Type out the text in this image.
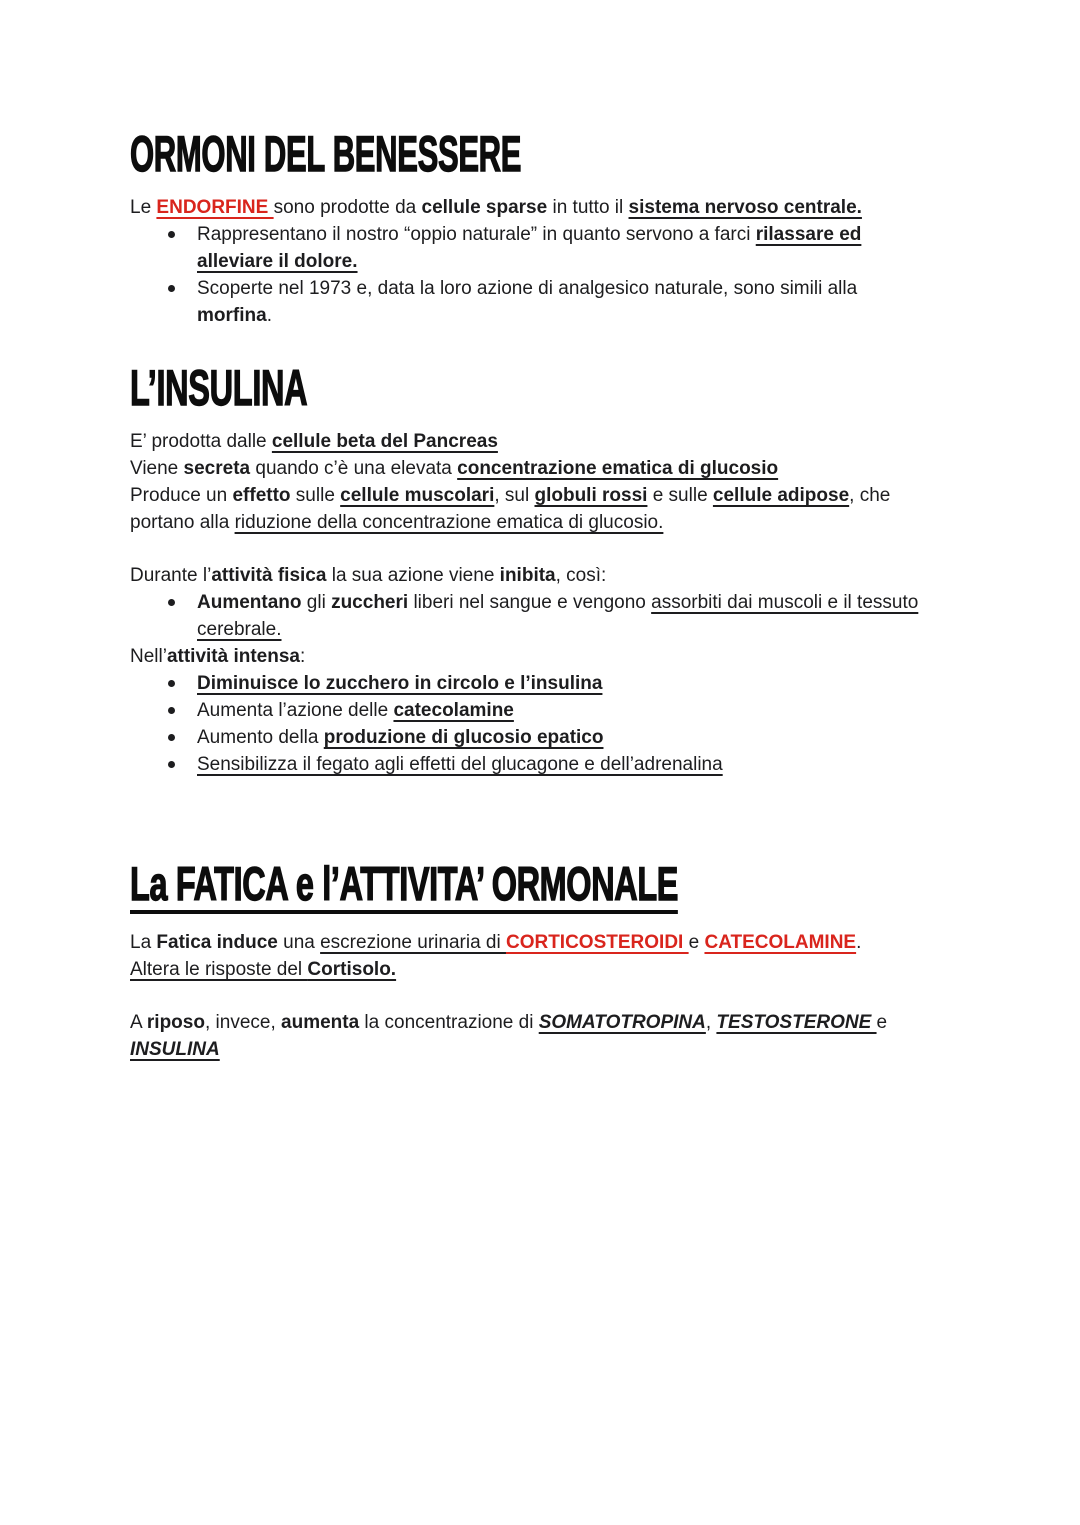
ORMONI DEL BENESSERE
Le ENDORFINE sono prodotte da cellule sparse in tutto il sistema nervoso centrale.
Rappresentano il nostro “oppio naturale” in quanto servono a farci rilassare ed
alleviare il dolore.
Scoperte nel 1973 e, data la loro azione di analgesico naturale, sono simili alla
morfina.
L’INSULINA
E’ prodotta dalle cellule beta del Pancreas
Viene secreta quando c’è una elevata concentrazione ematica di glucosio
Produce un effetto sulle cellule muscolari, sul globuli rossi e sulle cellule adipose, che
portano alla riduzione della concentrazione ematica di glucosio.
Durante l’attività fisica la sua azione viene inibita, così:
Aumentano gli zuccheri liberi nel sangue e vengono assorbiti dai muscoli e il tessuto
cerebrale.
Nell’attività intensa:
Diminuisce lo zucchero in circolo e l’insulina
Aumenta l’azione delle catecolamine
Aumento della produzione di glucosio epatico
Sensibilizza il fegato agli effetti del glucagone e dell’adrenalina
La FATICA e l’ATTIVITA’ ORMONALE
La Fatica induce una escrezione urinaria di CORTICOSTEROIDI e CATECOLAMINE.
Altera le risposte del Cortisolo.
A riposo, invece, aumenta la concentrazione di SOMATOTROPINA, TESTOSTERONE e
INSULINA
